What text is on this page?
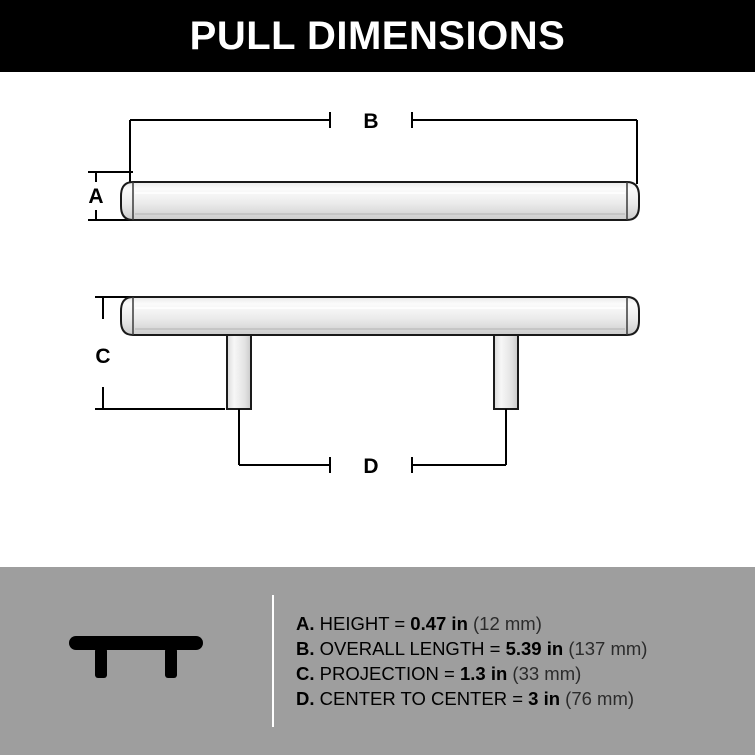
PULL DIMENSIONS
B
A
C
D
A. HEIGHT = 0.47 in (12 mm)
B. OVERALL LENGTH = 5.39 in (137 mm)
C. PROJECTION = 1.3 in (33 mm)
D. CENTER TO CENTER = 3 in (76 mm)
